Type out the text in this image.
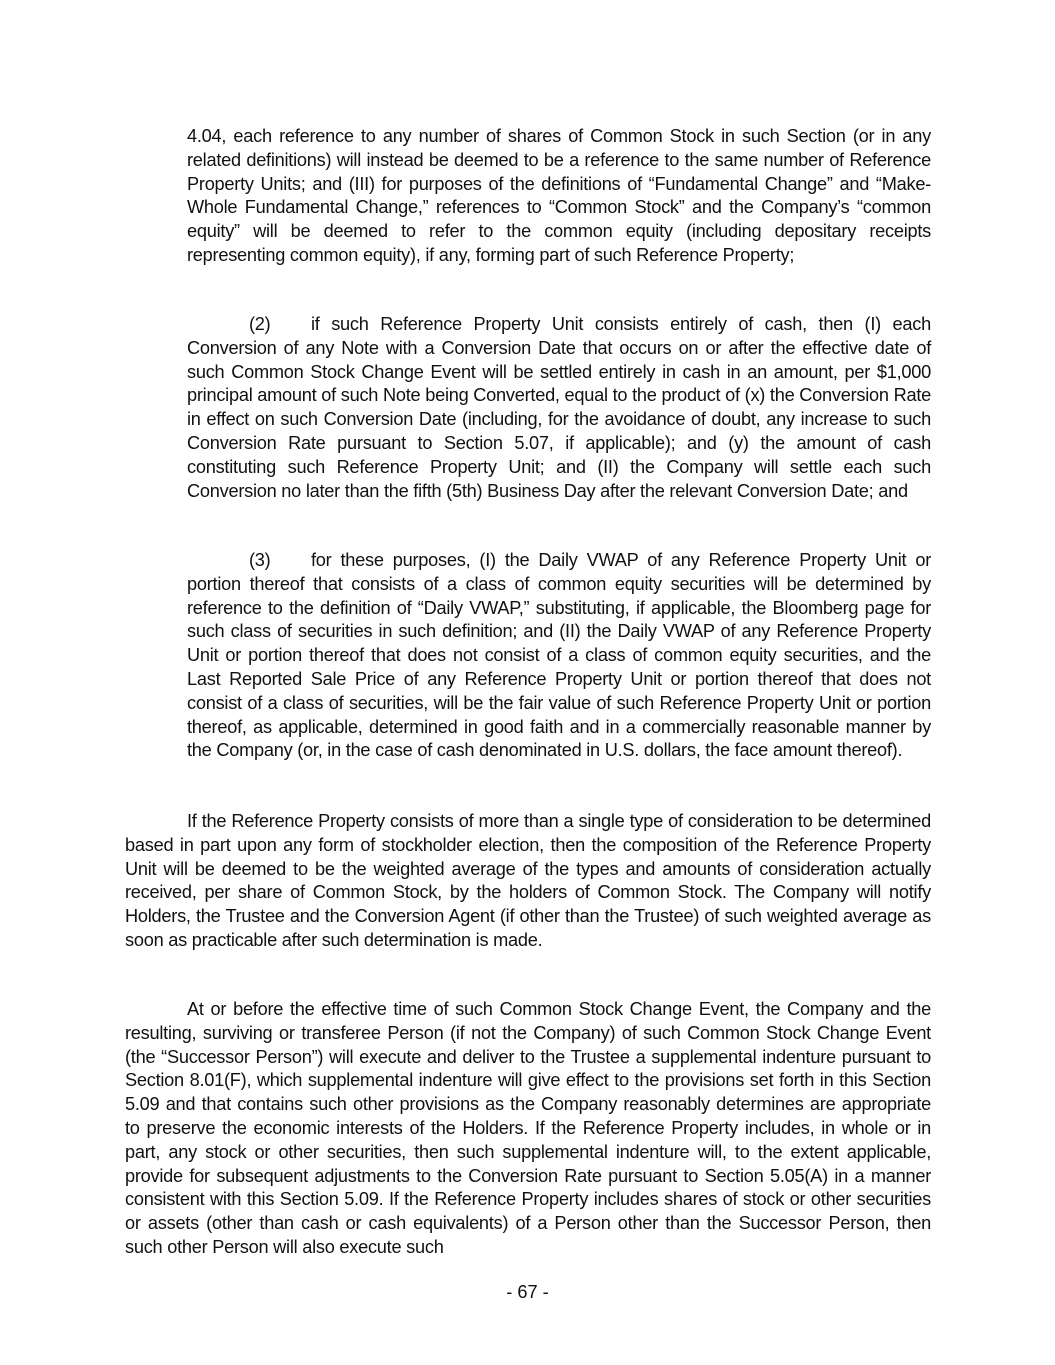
4.04, each reference to any number of shares of Common Stock in such Section (or in any related definitions) will instead be deemed to be a reference to the same number of Reference Property Units; and (III) for purposes of the definitions of “Fundamental Change” and “Make-Whole Fundamental Change,” references to “Common Stock” and the Company’s “common equity” will be deemed to refer to the common equity (including depositary receipts representing common equity), if any, forming part of such Reference Property;

(2) if such Reference Property Unit consists entirely of cash, then (I) each Conversion of any Note with a Conversion Date that occurs on or after the effective date of such Common Stock Change Event will be settled entirely in cash in an amount, per $1,000 principal amount of such Note being Converted, equal to the product of (x) the Conversion Rate in effect on such Conversion Date (including, for the avoidance of doubt, any increase to such Conversion Rate pursuant to Section 5.07, if applicable); and (y) the amount of cash constituting such Reference Property Unit; and (II) the Company will settle each such Conversion no later than the fifth (5th) Business Day after the relevant Conversion Date; and

(3) for these purposes, (I) the Daily VWAP of any Reference Property Unit or portion thereof that consists of a class of common equity securities will be determined by reference to the definition of “Daily VWAP,” substituting, if applicable, the Bloomberg page for such class of securities in such definition; and (II) the Daily VWAP of any Reference Property Unit or portion thereof that does not consist of a class of common equity securities, and the Last Reported Sale Price of any Reference Property Unit or portion thereof that does not consist of a class of securities, will be the fair value of such Reference Property Unit or portion thereof, as applicable, determined in good faith and in a commercially reasonable manner by the Company (or, in the case of cash denominated in U.S. dollars, the face amount thereof).

If the Reference Property consists of more than a single type of consideration to be determined based in part upon any form of stockholder election, then the composition of the Reference Property Unit will be deemed to be the weighted average of the types and amounts of consideration actually received, per share of Common Stock, by the holders of Common Stock. The Company will notify Holders, the Trustee and the Conversion Agent (if other than the Trustee) of such weighted average as soon as practicable after such determination is made.

At or before the effective time of such Common Stock Change Event, the Company and the resulting, surviving or transferee Person (if not the Company) of such Common Stock Change Event (the “Successor Person”) will execute and deliver to the Trustee a supplemental indenture pursuant to Section 8.01(F), which supplemental indenture will give effect to the provisions set forth in this Section 5.09 and that contains such other provisions as the Company reasonably determines are appropriate to preserve the economic interests of the Holders. If the Reference Property includes, in whole or in part, any stock or other securities, then such supplemental indenture will, to the extent applicable, provide for subsequent adjustments to the Conversion Rate pursuant to Section 5.05(A) in a manner consistent with this Section 5.09. If the Reference Property includes shares of stock or other securities or assets (other than cash or cash equivalents) of a Person other than the Successor Person, then such other Person will also execute such

- 67 -
